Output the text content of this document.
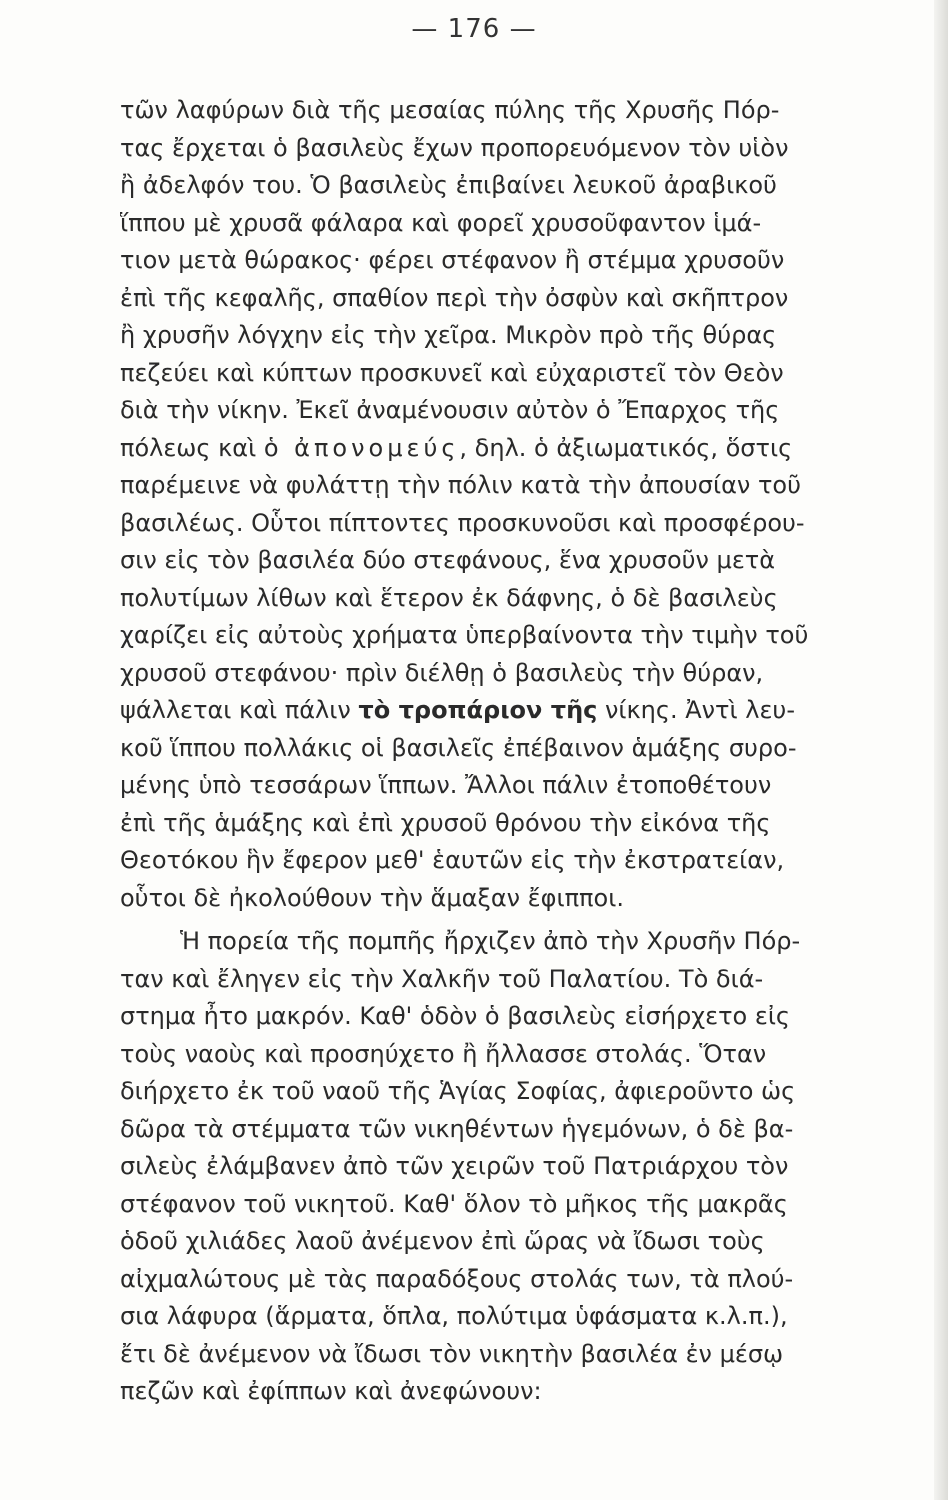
— 176 —
τῶν λαφύρων διὰ τῆς μεσαίας πύλης τῆς Χρυσῆς Πόρ-
τας ἔρχεται ὁ βασιλεὺς ἔχων προπορευόμενον τὸν υἱὸν
ἢ ἀδελφόν του. Ὁ βασιλεὺς ἐπιβαίνει λευκοῦ ἀραβικοῦ
ἵππου μὲ χρυσᾶ φάλαρα καὶ φορεῖ χρυσοῦφαντον ἱμά-
τιον μετὰ θώρακος· φέρει στέφανον ἢ στέμμα χρυσοῦν
ἐπὶ τῆς κεφαλῆς, σπαθίον περὶ τὴν ὀσφὺν καὶ σκῆπτρον
ἢ χρυσῆν λόγχην εἰς τὴν χεῖρα. Μικρὸν πρὸ τῆς θύρας
πεζεύει καὶ κύπτων προσκυνεῖ καὶ εὐχαριστεῖ τὸν Θεὸν
διὰ τὴν νίκην. Ἐκεῖ ἀναμένουσιν αὐτὸν ὁ Ἔπαρχος τῆς
πόλεως καὶ ὁ ἀπονομεύς, δηλ. ὁ ἀξιωματικός, ὅστις
παρέμεινε νὰ φυλάττῃ τὴν πόλιν κατὰ τὴν ἀπουσίαν τοῦ
βασιλέως. Οὗτοι πίπτοντες προσκυνοῦσι καὶ προσφέρου-
σιν εἰς τὸν βασιλέα δύο στεφάνους, ἕνα χρυσοῦν μετὰ
πολυτίμων λίθων καὶ ἕτερον ἐκ δάφνης, ὁ δὲ βασιλεὺς
χαρίζει εἰς αὐτοὺς χρήματα ὑπερβαίνοντα τὴν τιμὴν τοῦ
χρυσοῦ στεφάνου· πρὶν διέλθῃ ὁ βασιλεὺς τὴν θύραν,
ψάλλεται καὶ πάλιν τὸ τροπάριον τῆς νίκης. Ἀντὶ λευ-
κοῦ ἵππου πολλάκις οἱ βασιλεῖς ἐπέβαινον ἁμάξης συρο-
μένης ὑπὸ τεσσάρων ἵππων. Ἄλλοι πάλιν ἐτοποθέτουν
ἐπὶ τῆς ἁμάξης καὶ ἐπὶ χρυσοῦ θρόνου τὴν εἰκόνα τῆς
Θεοτόκου ἣν ἔφερον μεθ' ἑαυτῶν εἰς τὴν ἐκστρατείαν,
οὗτοι δὲ ἠκολούθουν τὴν ἅμαξαν ἔφιπποι.
Ἡ πορεία τῆς πομπῆς ἤρχιζεν ἀπὸ τὴν Χρυσῆν Πόρ-
ταν καὶ ἔληγεν εἰς τὴν Χαλκῆν τοῦ Παλατίου. Τὸ διά-
στημα ἦτο μακρόν. Καθ' ὁδὸν ὁ βασιλεὺς εἰσήρχετο εἰς
τοὺς ναοὺς καὶ προσηύχετο ἢ ἤλλασσε στολάς. Ὅταν
διήρχετο ἐκ τοῦ ναοῦ τῆς Ἁγίας Σοφίας, ἀφιεροῦντο ὡς
δῶρα τὰ στέμματα τῶν νικηθέντων ἡγεμόνων, ὁ δὲ βα-
σιλεὺς ἐλάμβανεν ἀπὸ τῶν χειρῶν τοῦ Πατριάρχου τὸν
στέφανον τοῦ νικητοῦ. Καθ' ὅλον τὸ μῆκος τῆς μακρᾶς
ὁδοῦ χιλιάδες λαοῦ ἀνέμενον ἐπὶ ὥρας νὰ ἴδωσι τοὺς
αἰχμαλώτους μὲ τὰς παραδόξους στολάς των, τὰ πλού-
σια λάφυρα (ἅρματα, ὅπλα, πολύτιμα ὑφάσματα κ.λ.π.),
ἔτι δὲ ἀνέμενον νὰ ἴδωσι τὸν νικητὴν βασιλέα ἐν μέσῳ
πεζῶν καὶ ἐφίππων καὶ ἀνεφώνουν:
